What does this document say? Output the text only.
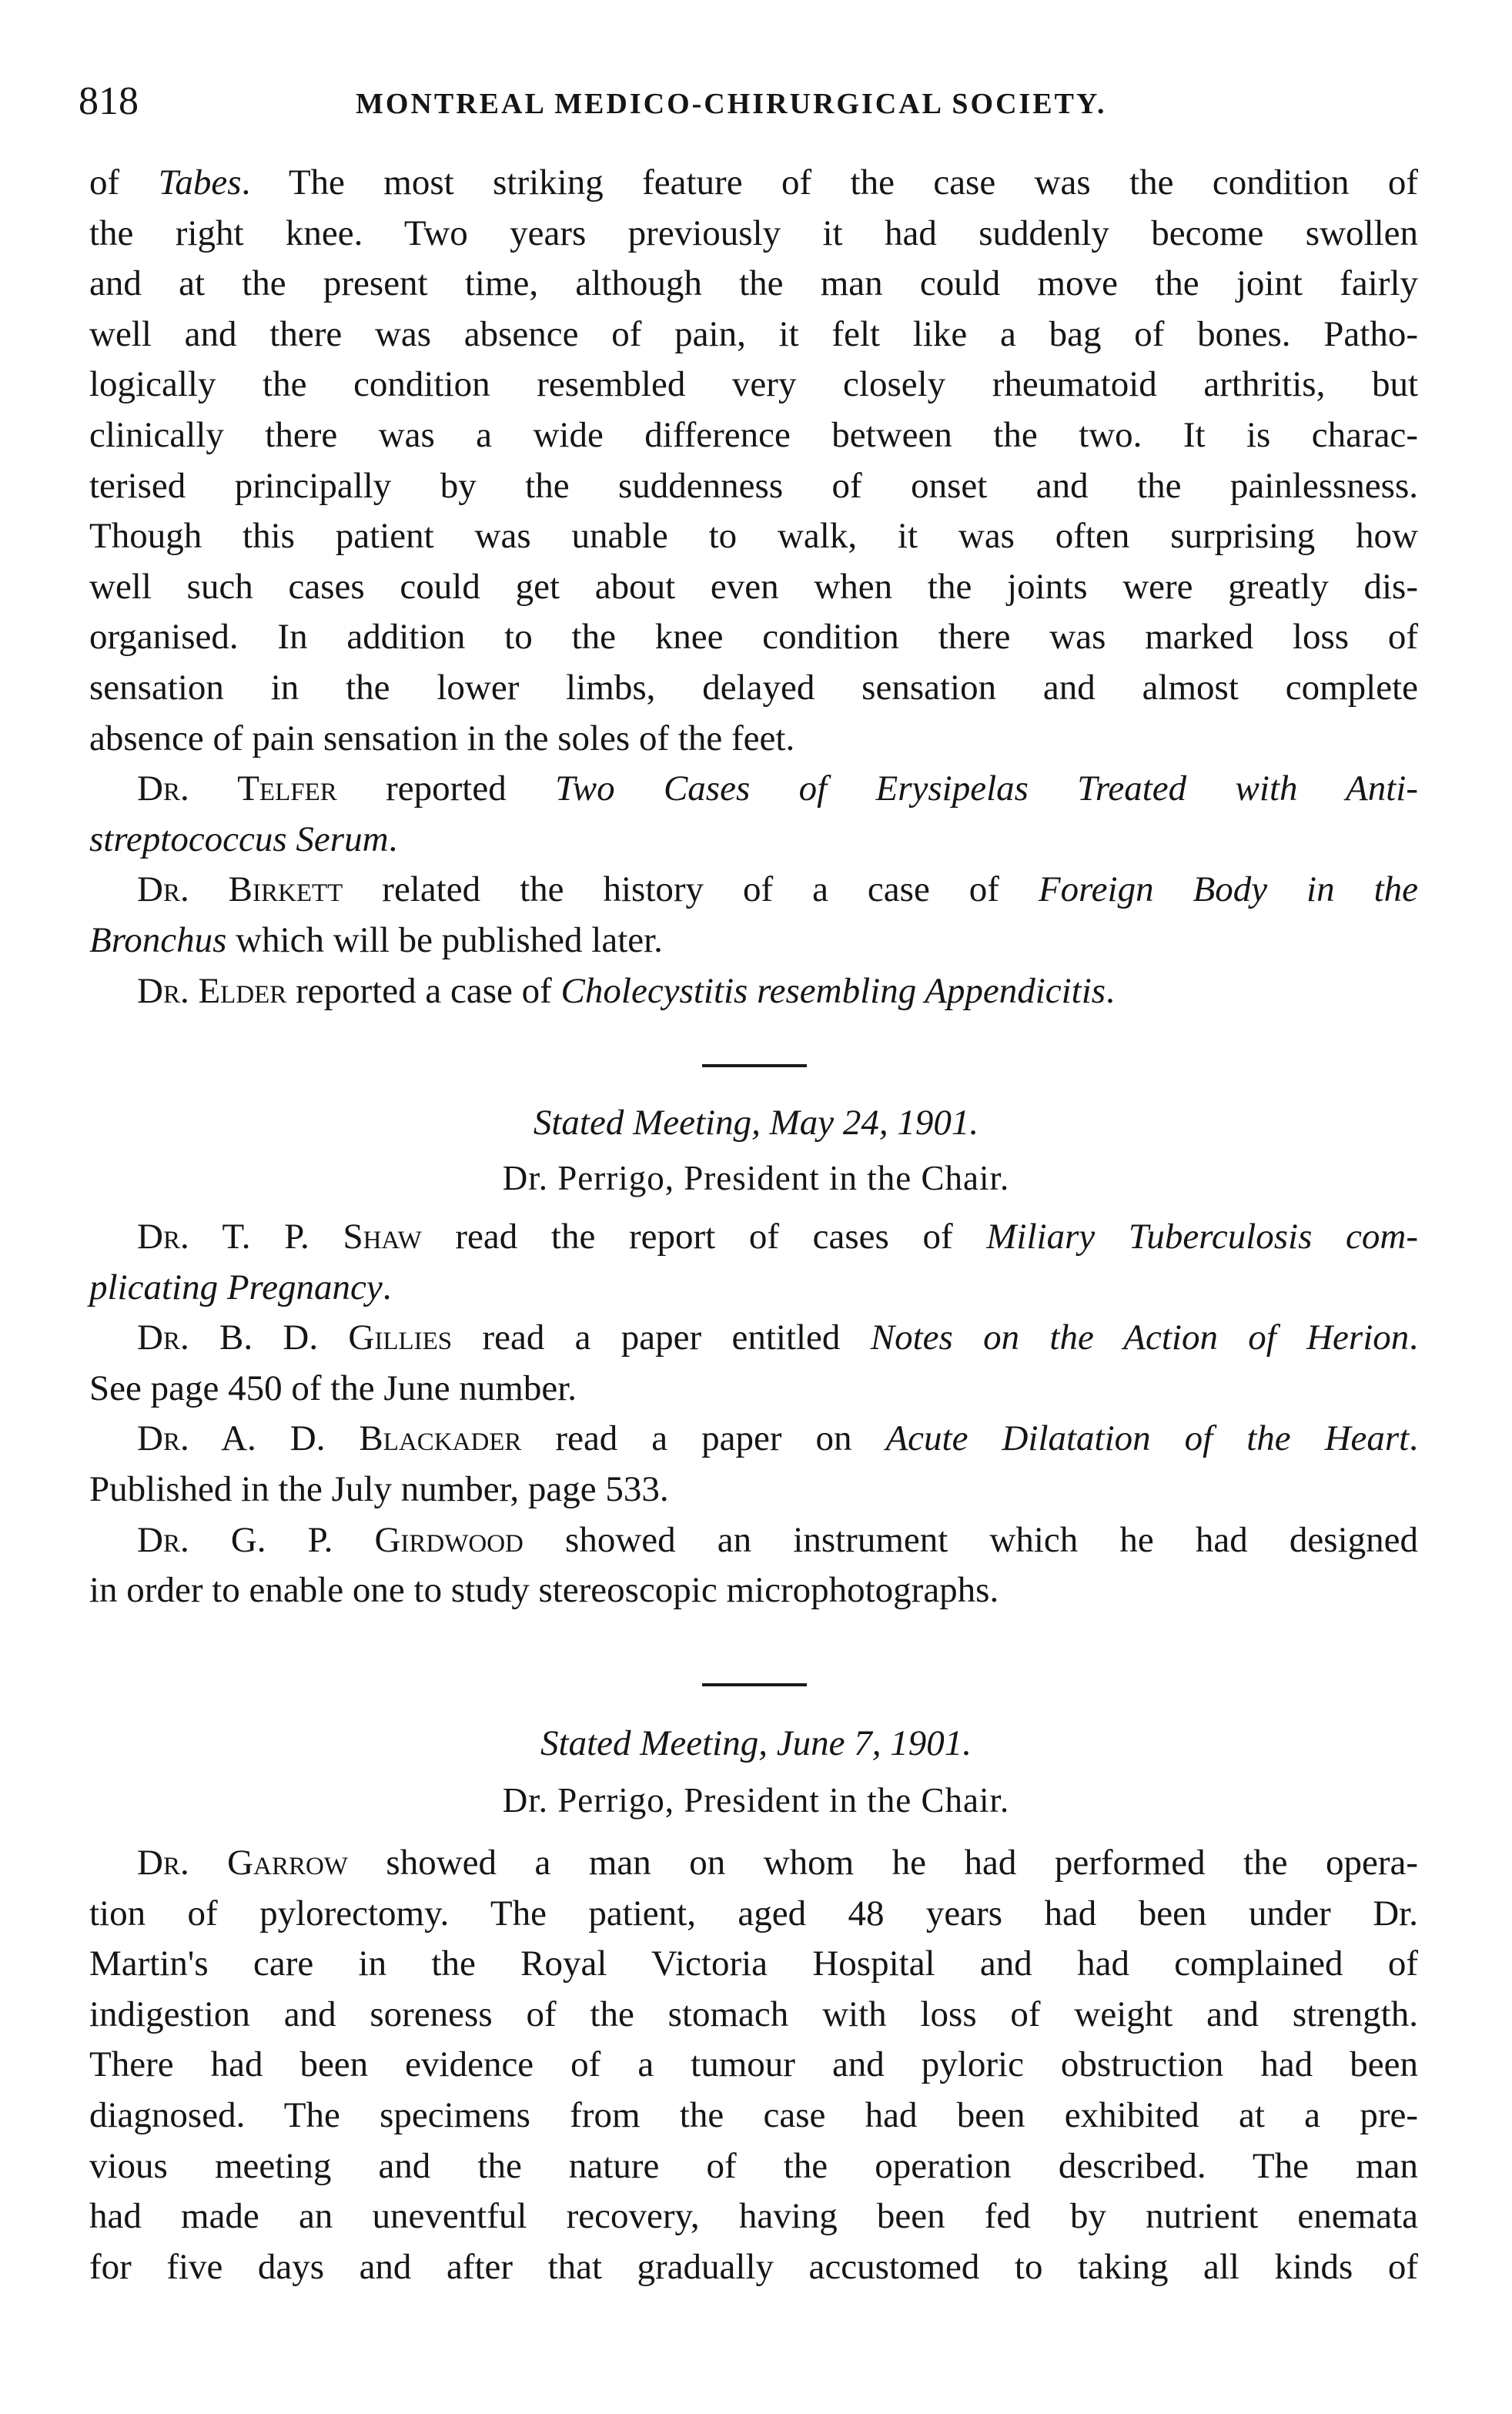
818	MONTREAL MEDICO-CHIRURGICAL SOCIETY.
of Tabes. The most striking feature of the case was the condition of
the right knee. Two years previously it had suddenly become swollen
and at the present time, although the man could move the joint fairly
well and there was absence of pain, it felt like a bag of bones. Patho-
logically the condition resembled very closely rheumatoid arthritis, but
clinically there was a wide difference between the two. It is charac-
terised principally by the suddenness of onset and the painlessness.
Though this patient was unable to walk, it was often surprising how
well such cases could get about even when the joints were greatly dis-
organised. In addition to the knee condition there was marked loss of
sensation in the lower limbs, delayed sensation and almost complete
absence of pain sensation in the soles of the feet.
Dr. Telfer reported Two Cases of Erysipelas Treated with Anti-
streptococcus Serum.
Dr. Birkett related the history of a case of Foreign Body in the
Bronchus which will be published later.
Dr. Elder reported a case of Cholecystitis resembling Appendicitis.
Stated Meeting, May 24, 1901.
Dr. Perrigo, President in the Chair.
Dr. T. P. Shaw read the report of cases of Miliary Tuberculosis com-
plicating Pregnancy.
Dr. B. D. Gillies read a paper entitled Notes on the Action of Herion.
See page 450 of the June number.
Dr. A. D. Blackader read a paper on Acute Dilatation of the Heart.
Published in the July number, page 533.
Dr. G. P. Girdwood showed an instrument which he had designed
in order to enable one to study stereoscopic microphotographs.
Stated Meeting, June 7, 1901.
Dr. Perrigo, President in the Chair.
Dr. Garrow showed a man on whom he had performed the opera-
tion of pylorectomy. The patient, aged 48 years had been under Dr.
Martin's care in the Royal Victoria Hospital and had complained of
indigestion and soreness of the stomach with loss of weight and strength.
There had been evidence of a tumour and pyloric obstruction had been
diagnosed. The specimens from the case had been exhibited at a pre-
vious meeting and the nature of the operation described. The man
had made an uneventful recovery, having been fed by nutrient enemata
for five days and after that gradually accustomed to taking all kinds of
